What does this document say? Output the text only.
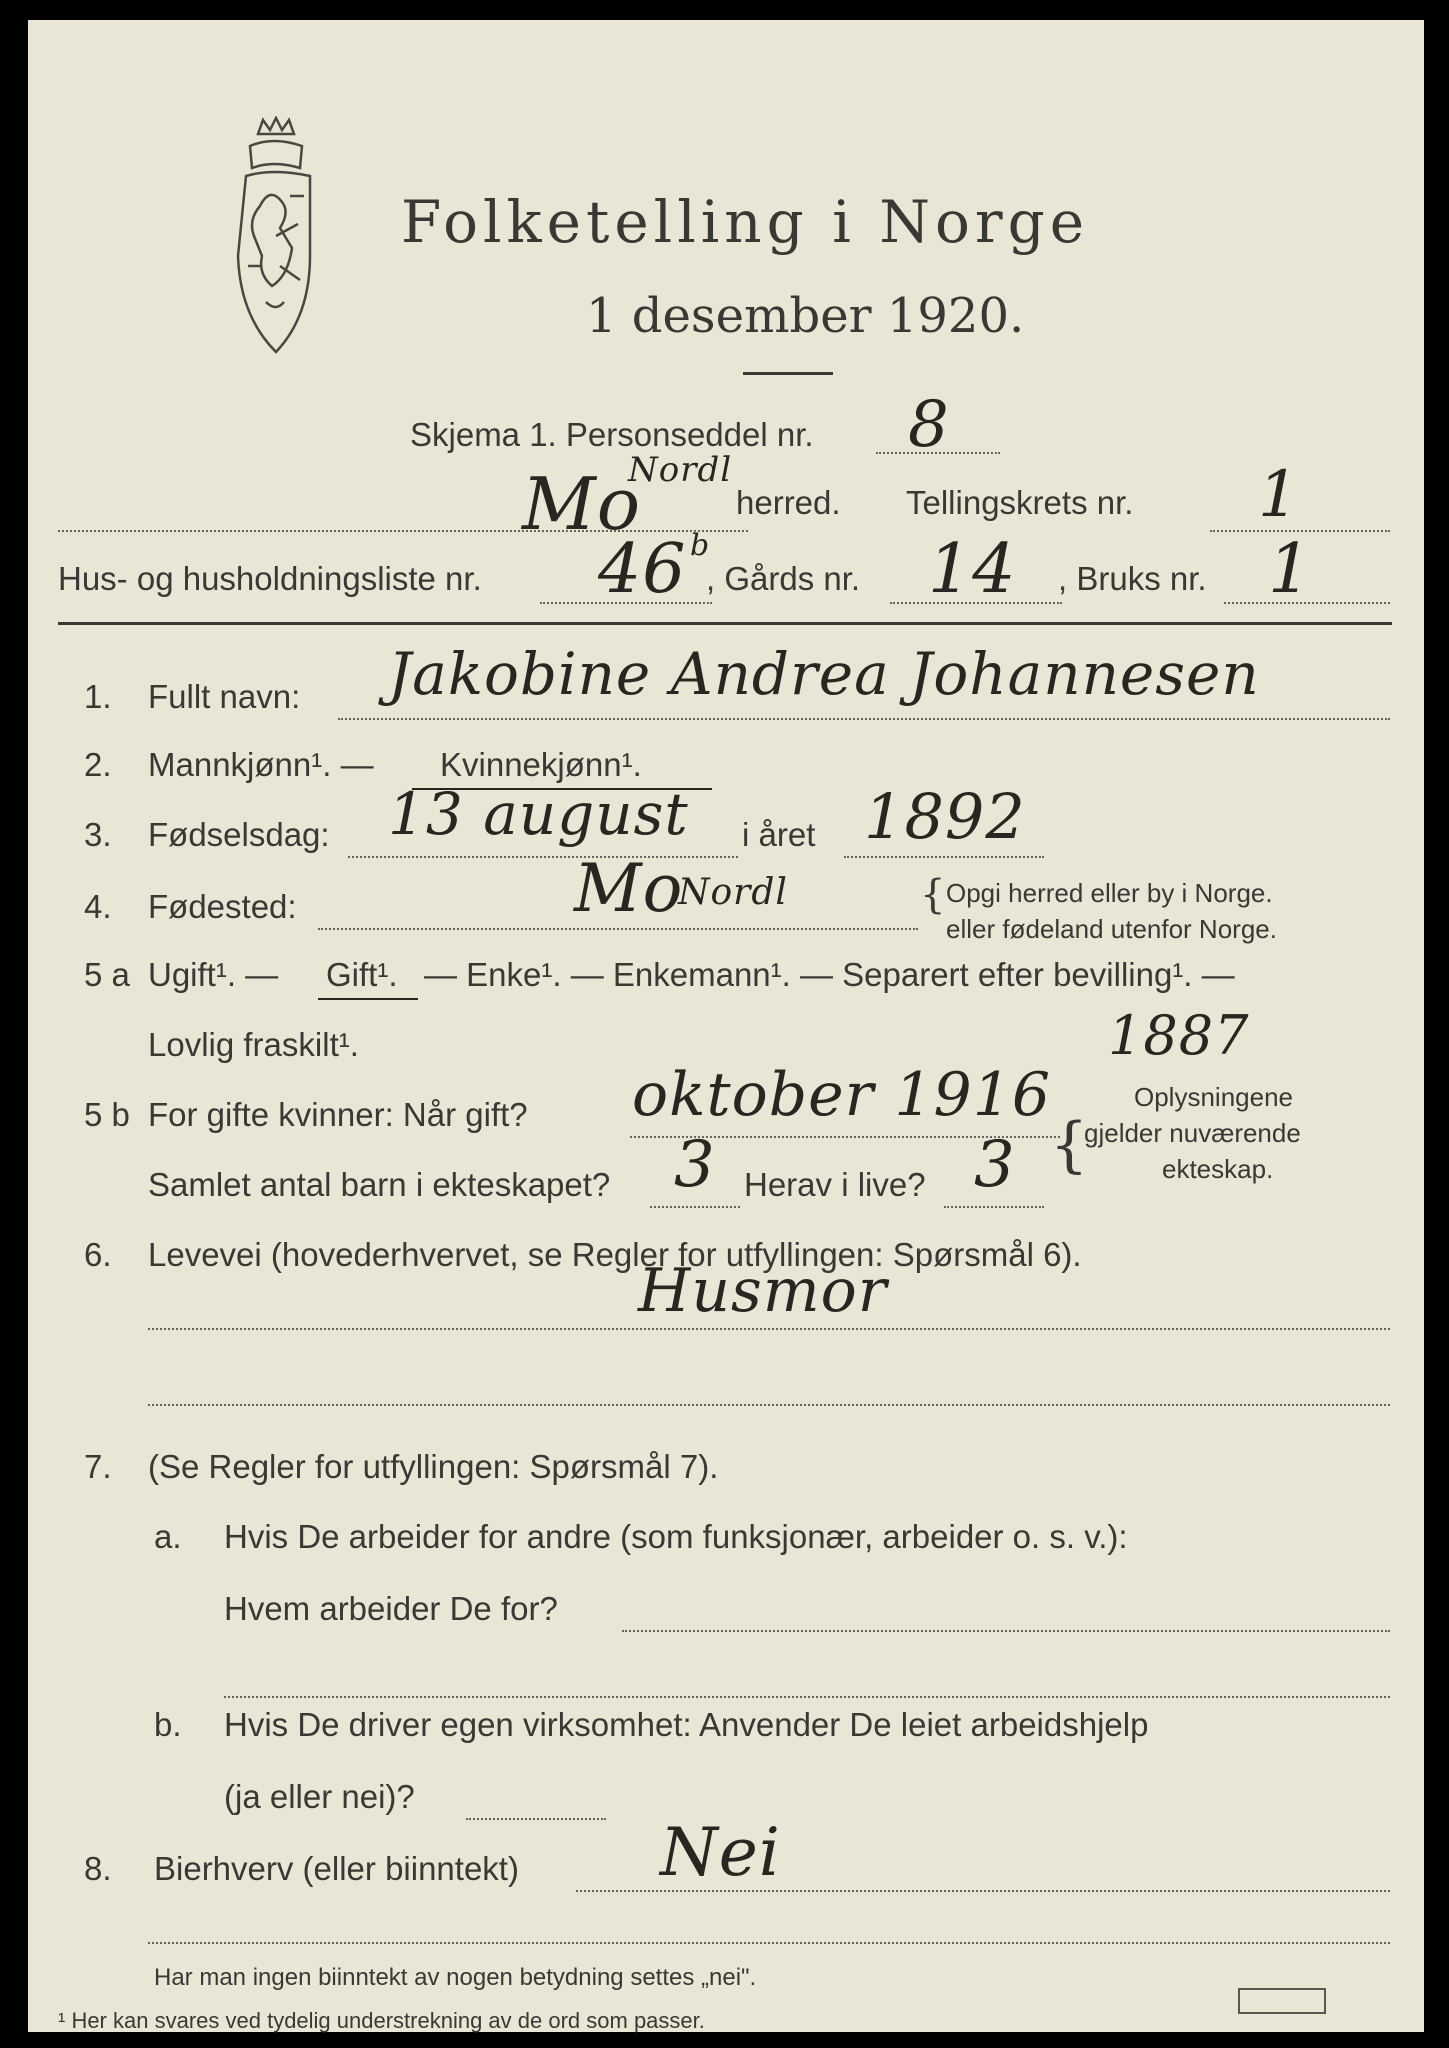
Folketelling i Norge
1 desember 1920.
Skjema 1. Personseddel nr. 8
Mo
Nordl
herred. Tellingskrets nr. 1
Hus- og husholdningsliste nr. 46 b
, Gårds nr. 14 , Bruks nr. 1
1. Fullt navn: Jakobine Andrea Johannesen
2. Mannkjønn¹. — Kvinnekjønn¹.
3. Fødselsdag: 13 august i året 1892
4. Fødested:	Mo
Nordl	{ Opgi herred eller by i Norge.
eller fødeland utenfor Norge.
5 a Ugift¹. — Gift¹. — Enke¹. — Enkemann¹. — Separert efter bevilling¹. —
Lovlig fraskilt¹.	1887
5 b For gifte kvinner: Når gift? oktober 1916
Samlet antal barn i ekteskapet? 3 Herav i live? 3 {
Oplysningene
gjelder nuværende
ekteskap.
6. Levevei (hovederhvervet, se Regler for utfyllingen: Spørsmål 6).
Husmor
7. (Se Regler for utfyllingen: Spørsmål 7).
a. Hvis De arbeider for andre (som funksjonær, arbeider o. s. v.):
Hvem arbeider De for?
b. Hvis De driver egen virksomhet: Anvender De leiet arbeidshjelp
(ja eller nei)?
8. Bierhverv (eller biinntekt) Nei
Har man ingen biinntekt av nogen betydning settes „nei".
¹ Her kan svares ved tydelig understrekning av de ord som passer.
